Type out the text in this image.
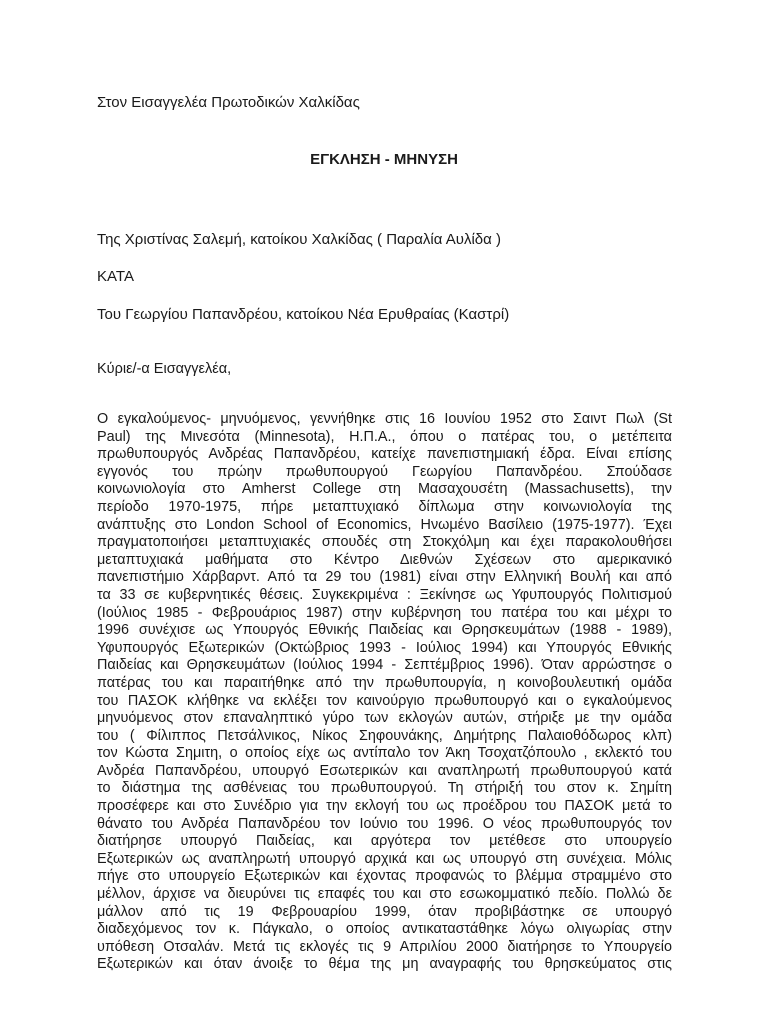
Στον Εισαγγελέα Πρωτοδικών Χαλκίδας
ΕΓΚΛΗΣΗ - ΜΗΝΥΣΗ
Της Χριστίνας Σαλεμή, κατοίκου Χαλκίδας ( Παραλία Αυλίδα )
ΚΑΤΑ
Του Γεωργίου Παπανδρέου, κατοίκου Νέα Ερυθραίας (Καστρί)
Κύριε/-α Εισαγγελέα,
Ο εγκαλούμενος- μηνυόμενος, γεννήθηκε στις 16 Ιουνίου 1952 στο Σαιντ Πωλ (St
Paul) της Μινεσότα (Minnesota), Η.Π.Α., όπου ο πατέρας του, ο μετέπειτα
πρωθυπουργός Ανδρέας Παπανδρέου, κατείχε πανεπιστημιακή έδρα. Είναι επίσης
εγγονός του πρώην πρωθυπουργού Γεωργίου Παπανδρέου. Σπούδασε
κοινωνιολογία στο Amherst College στη Μασαχουσέτη (Massachusetts), την
περίοδο 1970-1975, πήρε μεταπτυχιακό δίπλωμα στην κοινωνιολογία της
ανάπτυξης στο London School of Economics, Ηνωμένο Βασίλειο (1975-1977). Έχει
πραγματοποιήσει μεταπτυχιακές σπουδές στη Στοκχόλμη και έχει παρακολουθήσει
μεταπτυχιακά μαθήματα στο Κέντρο Διεθνών Σχέσεων στο αμερικανικό
πανεπιστήμιο Χάρβαρντ. Από τα 29 του (1981) είναι στην Ελληνική Βουλή και από
τα 33 σε κυβερνητικές θέσεις. Συγκεκριμένα : Ξεκίνησε ως Υφυπουργός Πολιτισμού
(Ιούλιος 1985 - Φεβρουάριος 1987) στην κυβέρνηση του πατέρα του και μέχρι το
1996 συνέχισε ως Υπουργός Εθνικής Παιδείας και Θρησκευμάτων (1988 - 1989),
Υφυπουργός Εξωτερικών (Οκτώβριος 1993 - Ιούλιος 1994) και Υπουργός Εθνικής
Παιδείας και Θρησκευμάτων (Ιούλιος 1994 - Σεπτέμβριος 1996). Όταν αρρώστησε ο
πατέρας του και παραιτήθηκε από την πρωθυπουργία, η κοινοβουλευτική ομάδα
του ΠΑΣΟΚ κλήθηκε να εκλέξει τον καινούργιο πρωθυπουργό και ο εγκαλούμενος
μηνυόμενος στον επαναληπτικό γύρο των εκλογών αυτών, στήριξε με την ομάδα
του ( Φίλιππος Πετσάλνικος, Νίκος Σηφουνάκης, Δημήτρης Παλαιοθόδωρος κλπ)
τον Κώστα Σημιτη, ο οποίος είχε ως αντίπαλο τον Άκη Τσοχατζόπουλο , εκλεκτό του
Ανδρέα Παπανδρέου, υπουργό Εσωτερικών και αναπληρωτή πρωθυπουργού κατά
το διάστημα της ασθένειας του πρωθυπουργού. Τη στήριξή του στον κ. Σημίτη
προσέφερε και στο Συνέδριο για την εκλογή του ως προέδρου του ΠΑΣΟΚ μετά το
θάνατο του Ανδρέα Παπανδρέου τον Ιούνιο του 1996. Ο νέος πρωθυπουργός τον
διατήρησε υπουργό Παιδείας, και αργότερα τον μετέθεσε στο υπουργείο
Εξωτερικών ως αναπληρωτή υπουργό αρχικά και ως υπουργό στη συνέχεια. Μόλις
πήγε στο υπουργείο Εξωτερικών και έχοντας προφανώς το βλέμμα στραμμένο στο
μέλλον, άρχισε να διευρύνει τις επαφές του και στο εσωκομματικό πεδίο. Πολλώ δε
μάλλον από τις 19 Φεβρουαρίου 1999, όταν προβιβάστηκε σε υπουργό
διαδεχόμενος τον κ. Πάγκαλο, ο οποίος αντικαταστάθηκε λόγω ολιγωρίας στην
υπόθεση Οτσαλάν. Μετά τις εκλογές τις 9 Απριλίου 2000 διατήρησε το Υπουργείο
Εξωτερικών και όταν άνοιξε το θέμα της μη αναγραφής του θρησκεύματος στις
